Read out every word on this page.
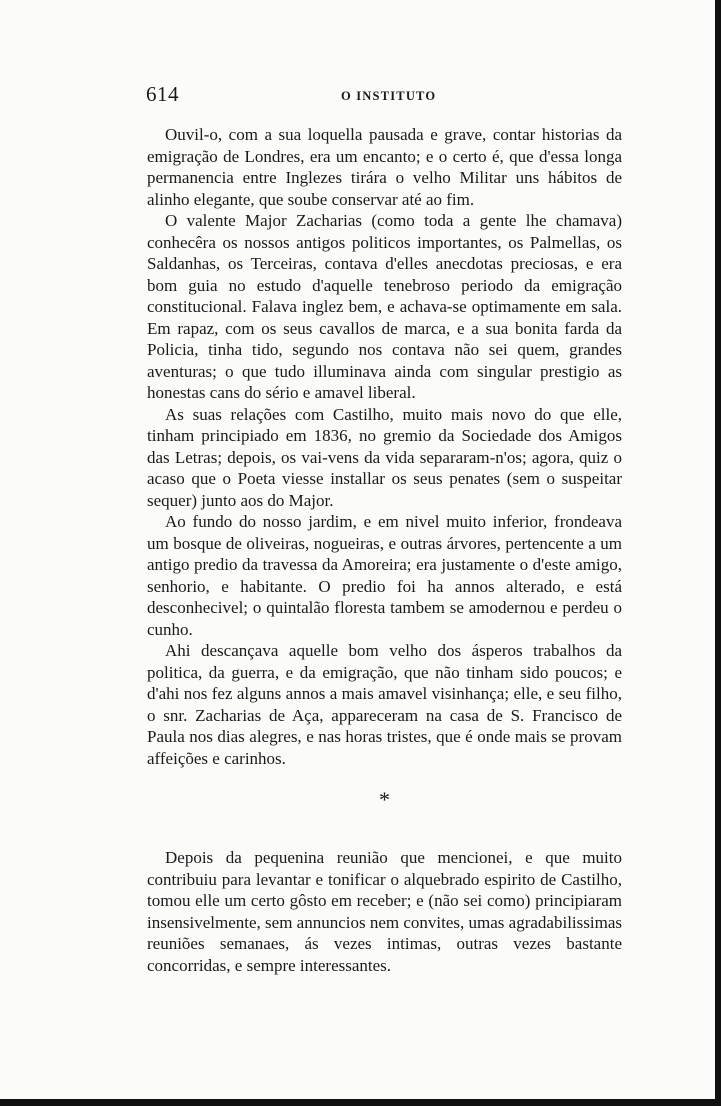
614	O INSTITUTO

Ouvil-o, com a sua loquella pausada e grave, contar historias da emigração de Londres, era um encanto; e o certo é, que d'essa longa permanencia entre Inglezes tirára o velho Militar uns hábitos de alinho elegante, que soube conservar até ao fim.

O valente Major Zacharias (como toda a gente lhe chamava) conhecêra os nossos antigos politicos importantes, os Palmellas, os Saldanhas, os Terceiras, contava d'elles anecdotas preciosas, e era bom guia no estudo d'aquelle tenebroso periodo da emigração constitucional. Falava inglez bem, e achava-se optimamente em sala. Em rapaz, com os seus cavallos de marca, e a sua bonita farda da Policia, tinha tido, segundo nos contava não sei quem, grandes aventuras; o que tudo illuminava ainda com singular prestigio as honestas cans do sério e amavel liberal.

As suas relações com Castilho, muito mais novo do que elle, tinham principiado em 1836, no gremio da Sociedade dos Amigos das Letras; depois, os vai-vens da vida separaram-n'os; agora, quiz o acaso que o Poeta viesse installar os seus penates (sem o suspeitar sequer) junto aos do Major.

Ao fundo do nosso jardim, e em nivel muito inferior, frondeava um bosque de oliveiras, nogueiras, e outras árvores, pertencente a um antigo predio da travessa da Amoreira; era justamente o d'este amigo, senhorio, e habitante. O predio foi ha annos alterado, e está desconhecivel; o quintalão floresta tambem se amodernou e perdeu o cunho.

Ahi descançava aquelle bom velho dos ásperos trabalhos da politica, da guerra, e da emigração, que não tinham sido poucos; e d'ahi nos fez alguns annos a mais amavel visinhança; elle, e seu filho, o snr. Zacharias de Aça, appareceram na casa de S. Francisco de Paula nos dias alegres, e nas horas tristes, que é onde mais se provam affeições e carinhos.

*

Depois da pequenina reunião que mencionei, e que muito contribuiu para levantar e tonificar o alquebrado espirito de Castilho, tomou elle um certo gôsto em receber; e (não sei como) principiaram insensivelmente, sem annuncios nem convites, umas agradabilissimas reuniões semanaes, ás vezes intimas, outras vezes bastante concorridas, e sempre interessantes.
